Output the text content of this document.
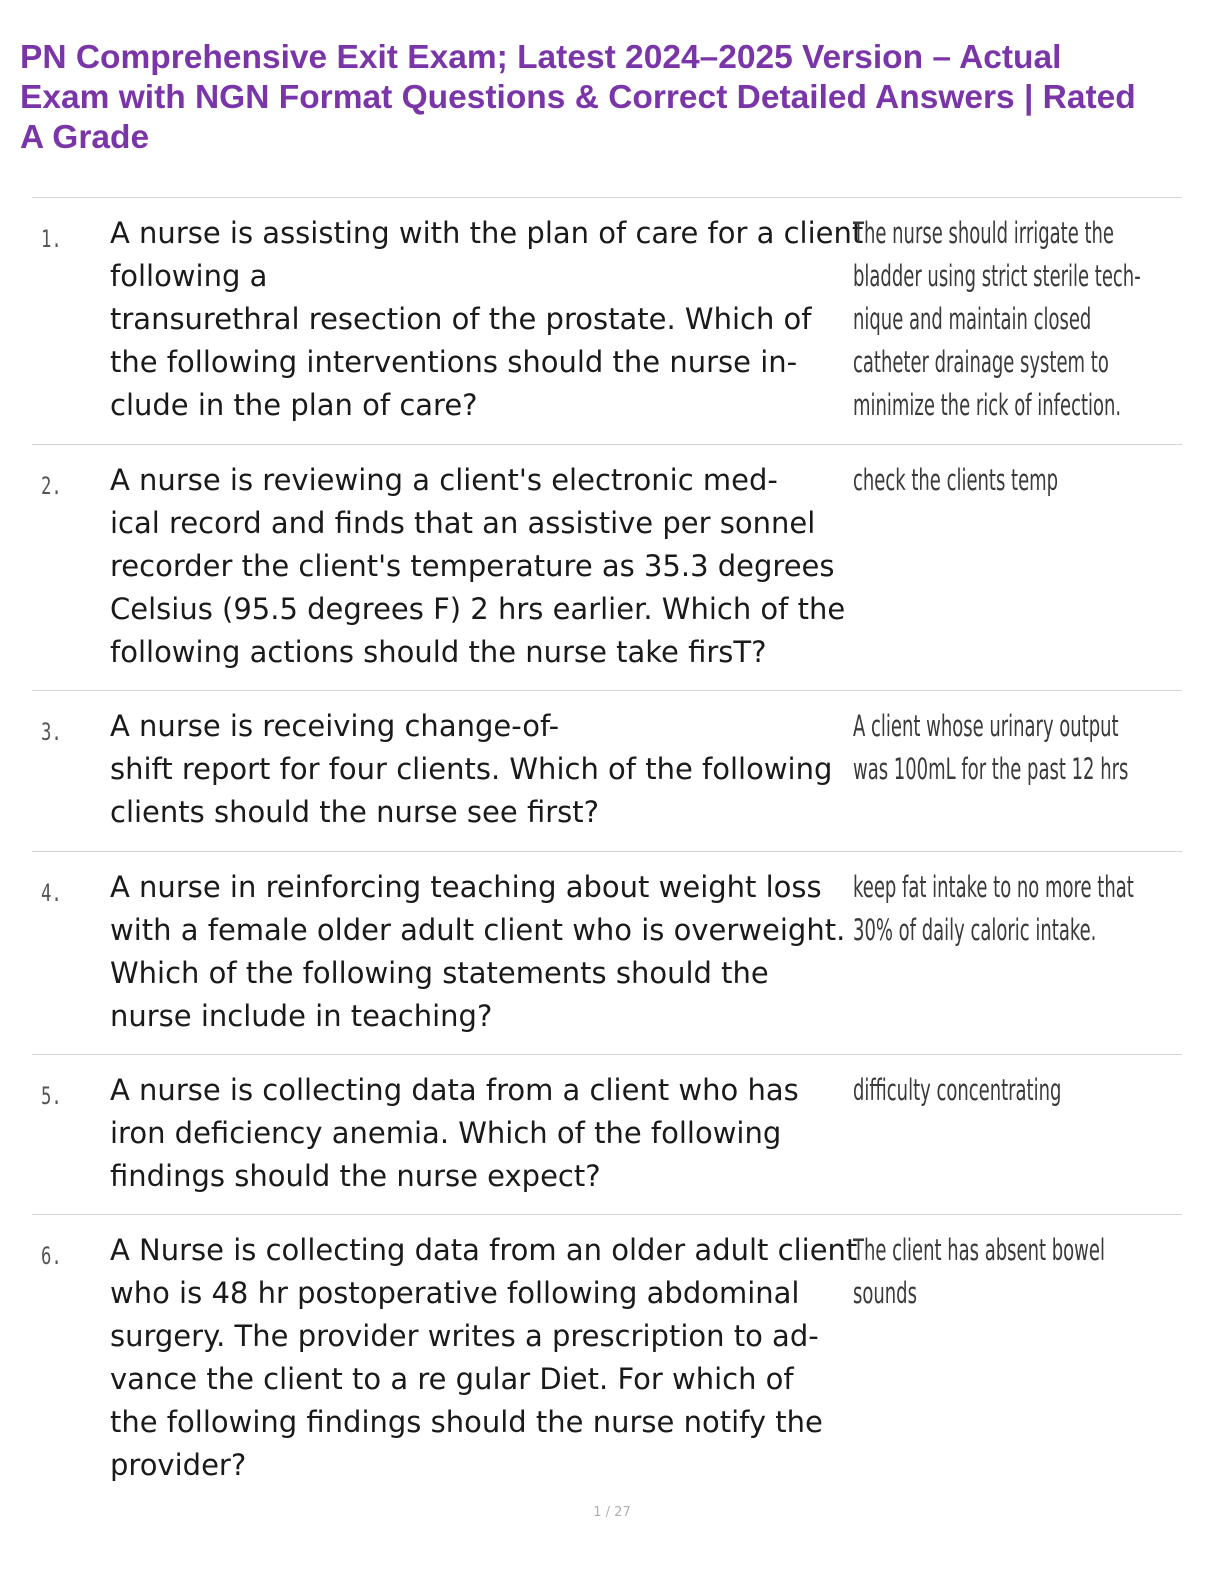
PN Comprehensive Exit Exam; Latest 2024–2025 Version – Actual
Exam with NGN Format Questions & Correct Detailed Answers | Rated
A Grade
1. A nurse is assisting with the plan of care for a client
following a
transurethral resection of the prostate. Which of
the following interventions should the nurse in-
clude in the plan of care?
The nurse should irrigate the
bladder using strict sterile tech-
nique and maintain closed
catheter drainage system to
minimize the rick of infection.
2. A nurse is reviewing a client's electronic med-
ical record and finds that an assistive per sonnel
recorder the client's temperature as 35.3 degrees
Celsius (95.5 degrees F) 2 hrs earlier. Which of the
following actions should the nurse take firsT?
check the clients temp
3. A nurse is receiving change-of-
shift report for four clients. Which of the following
clients should the nurse see first?
A client whose urinary output
was 100mL for the past 12 hrs
4. A nurse in reinforcing teaching about weight loss
with a female older adult client who is overweight.
Which of the following statements should the
nurse include in teaching?
keep fat intake to no more that
30% of daily caloric intake.
5. A nurse is collecting data from a client who has
iron deficiency anemia. Which of the following
findings should the nurse expect?
difficulty concentrating
6. A Nurse is collecting data from an older adult client
who is 48 hr postoperative following abdominal
surgery. The provider writes a prescription to ad-
vance the client to a re gular Diet. For which of
the following findings should the nurse notify the
provider?
The client has absent bowel
sounds
1 / 27
